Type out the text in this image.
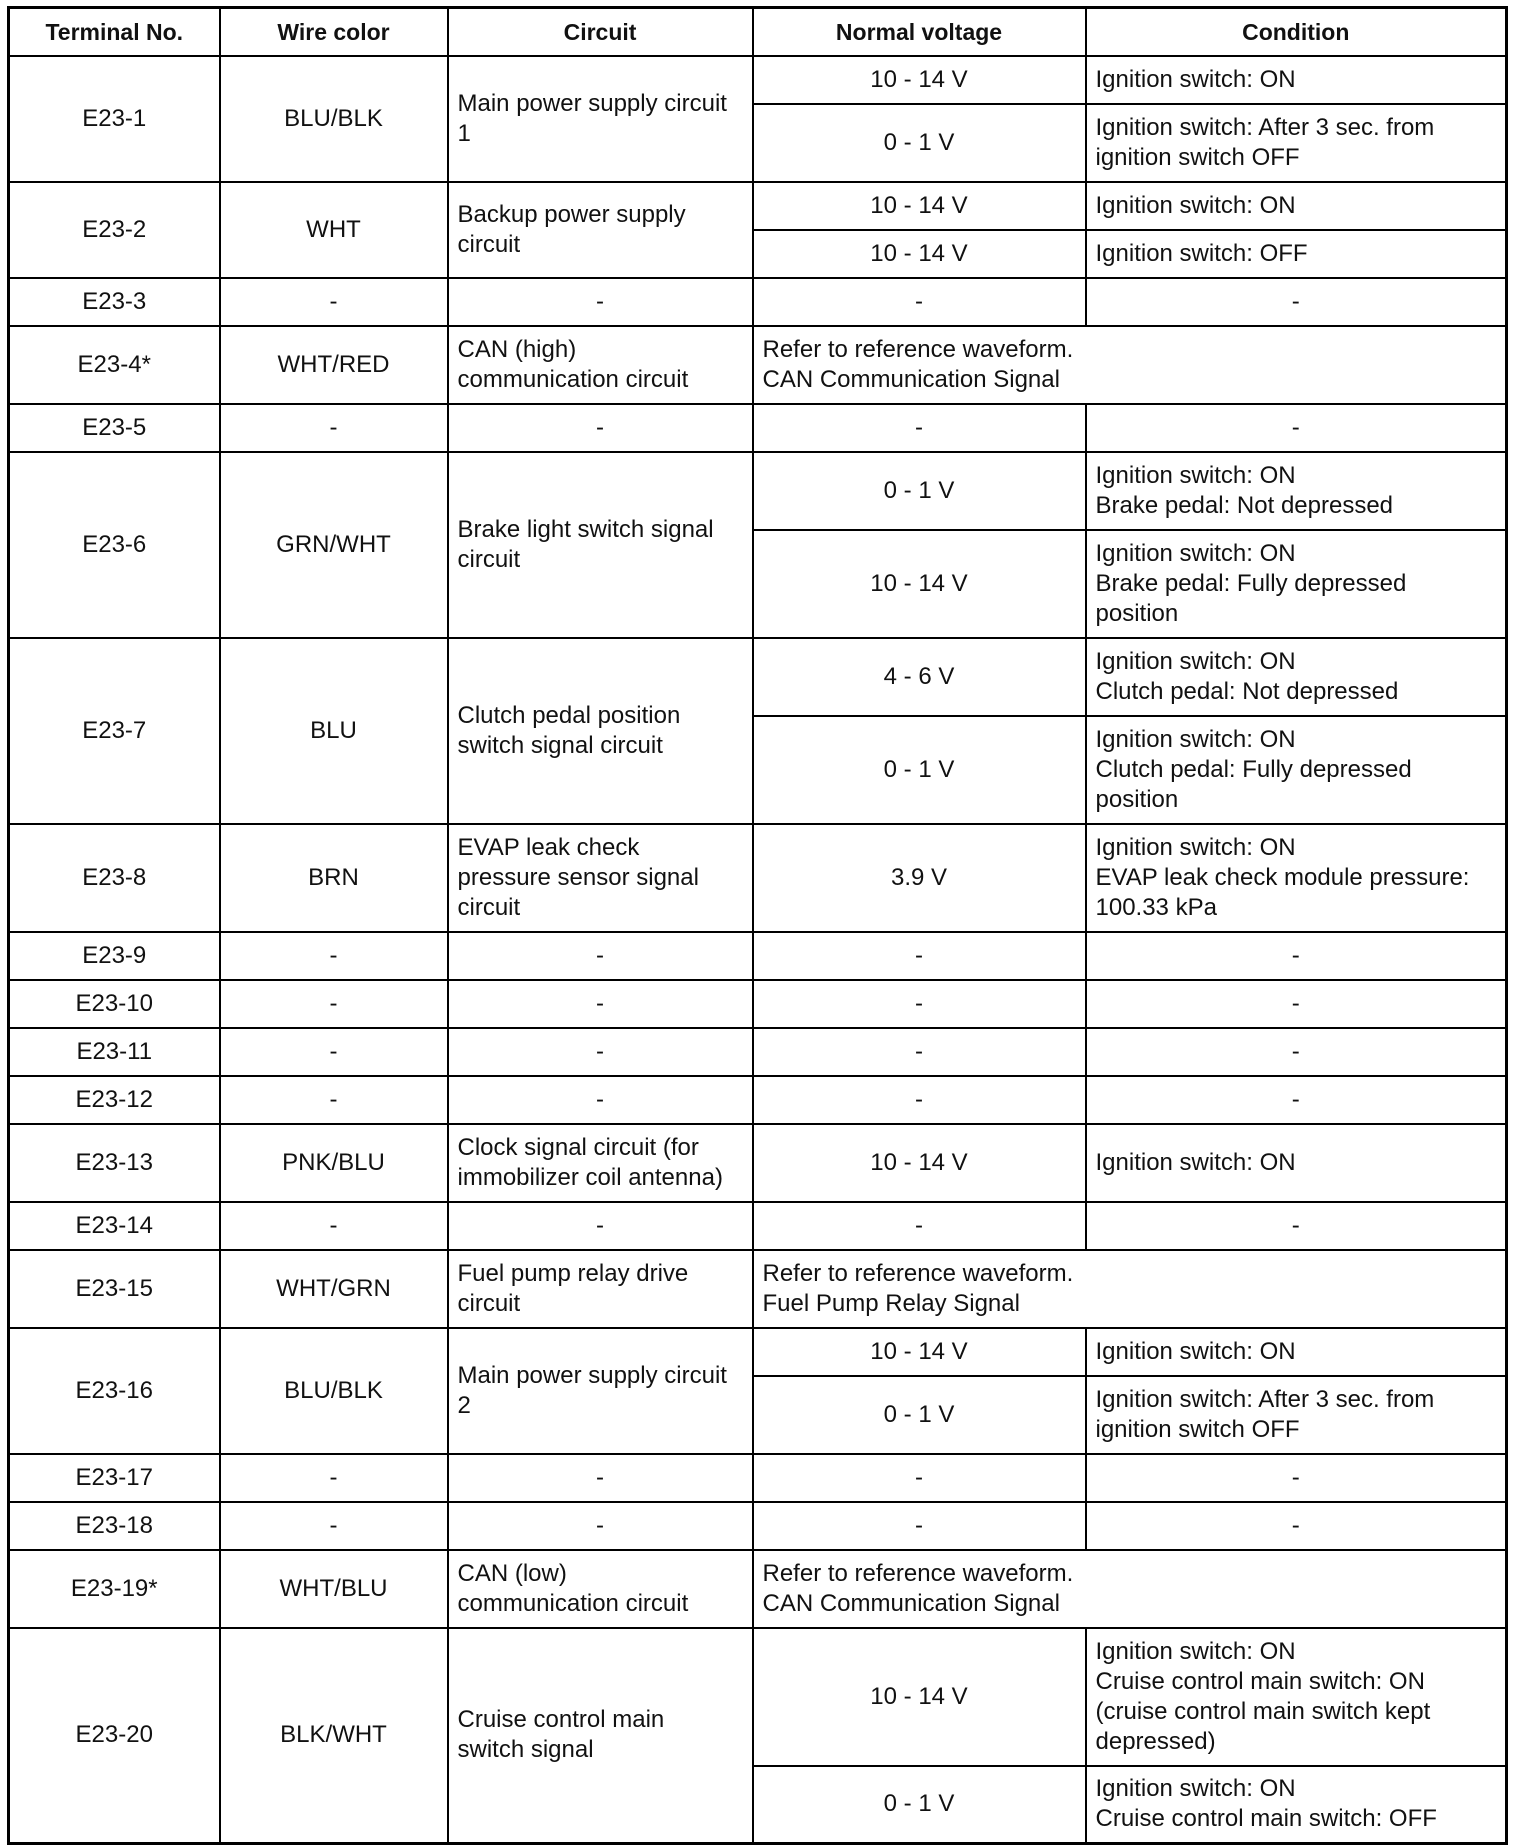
Terminal No.	Wire color	Circuit	Normal voltage	Condition
E23-1	BLU/BLK	Main power supply circuit
1	10 - 14 V	Ignition switch: ON

			0 - 1 V	Ignition switch: After 3 sec. from
ignition switch OFF

E23-2	WHT	Backup power supply
circuit	10 - 14 V	Ignition switch: ON

			10 - 14 V	Ignition switch: OFF

E23-3	-	-	-	-

E23-4*	WHT/RED	CAN (high)
communication circuit	Refer to reference waveform.
CAN Communication Signal	

E23-5	-	-	-	-

E23-6	GRN/WHT	Brake light switch signal
circuit	0 - 1 V	Ignition switch: ON
Brake pedal: Not depressed

			10 - 14 V	Ignition switch: ON
Brake pedal: Fully depressed
position

E23-7	BLU	Clutch pedal position
switch signal circuit	4 - 6 V	Ignition switch: ON
Clutch pedal: Not depressed

			0 - 1 V	Ignition switch: ON
Clutch pedal: Fully depressed
position

E23-8	BRN	EVAP leak check
pressure sensor signal
circuit	3.9 V	Ignition switch: ON
EVAP leak check module pressure:
100.33 kPa

E23-9	-	-	-	-

E23-10	-	-	-	-

E23-11	-	-	-	-

E23-12	-	-	-	-

E23-13	PNK/BLU	Clock signal circuit (for
immobilizer coil antenna)	10 - 14 V	Ignition switch: ON

E23-14	-	-	-	-

E23-15	WHT/GRN	Fuel pump relay drive
circuit	Refer to reference waveform.
Fuel Pump Relay Signal	

E23-16	BLU/BLK	Main power supply circuit
2	10 - 14 V	Ignition switch: ON

			0 - 1 V	Ignition switch: After 3 sec. from
ignition switch OFF

E23-17	-	-	-	-

E23-18	-	-	-	-

E23-19*	WHT/BLU	CAN (low)
communication circuit	Refer to reference waveform.
CAN Communication Signal	

E23-20	BLK/WHT	Cruise control main
switch signal	10 - 14 V	Ignition switch: ON
Cruise control main switch: ON
(cruise control main switch kept
depressed)

			0 - 1 V	Ignition switch: ON
Cruise control main switch: OFF
